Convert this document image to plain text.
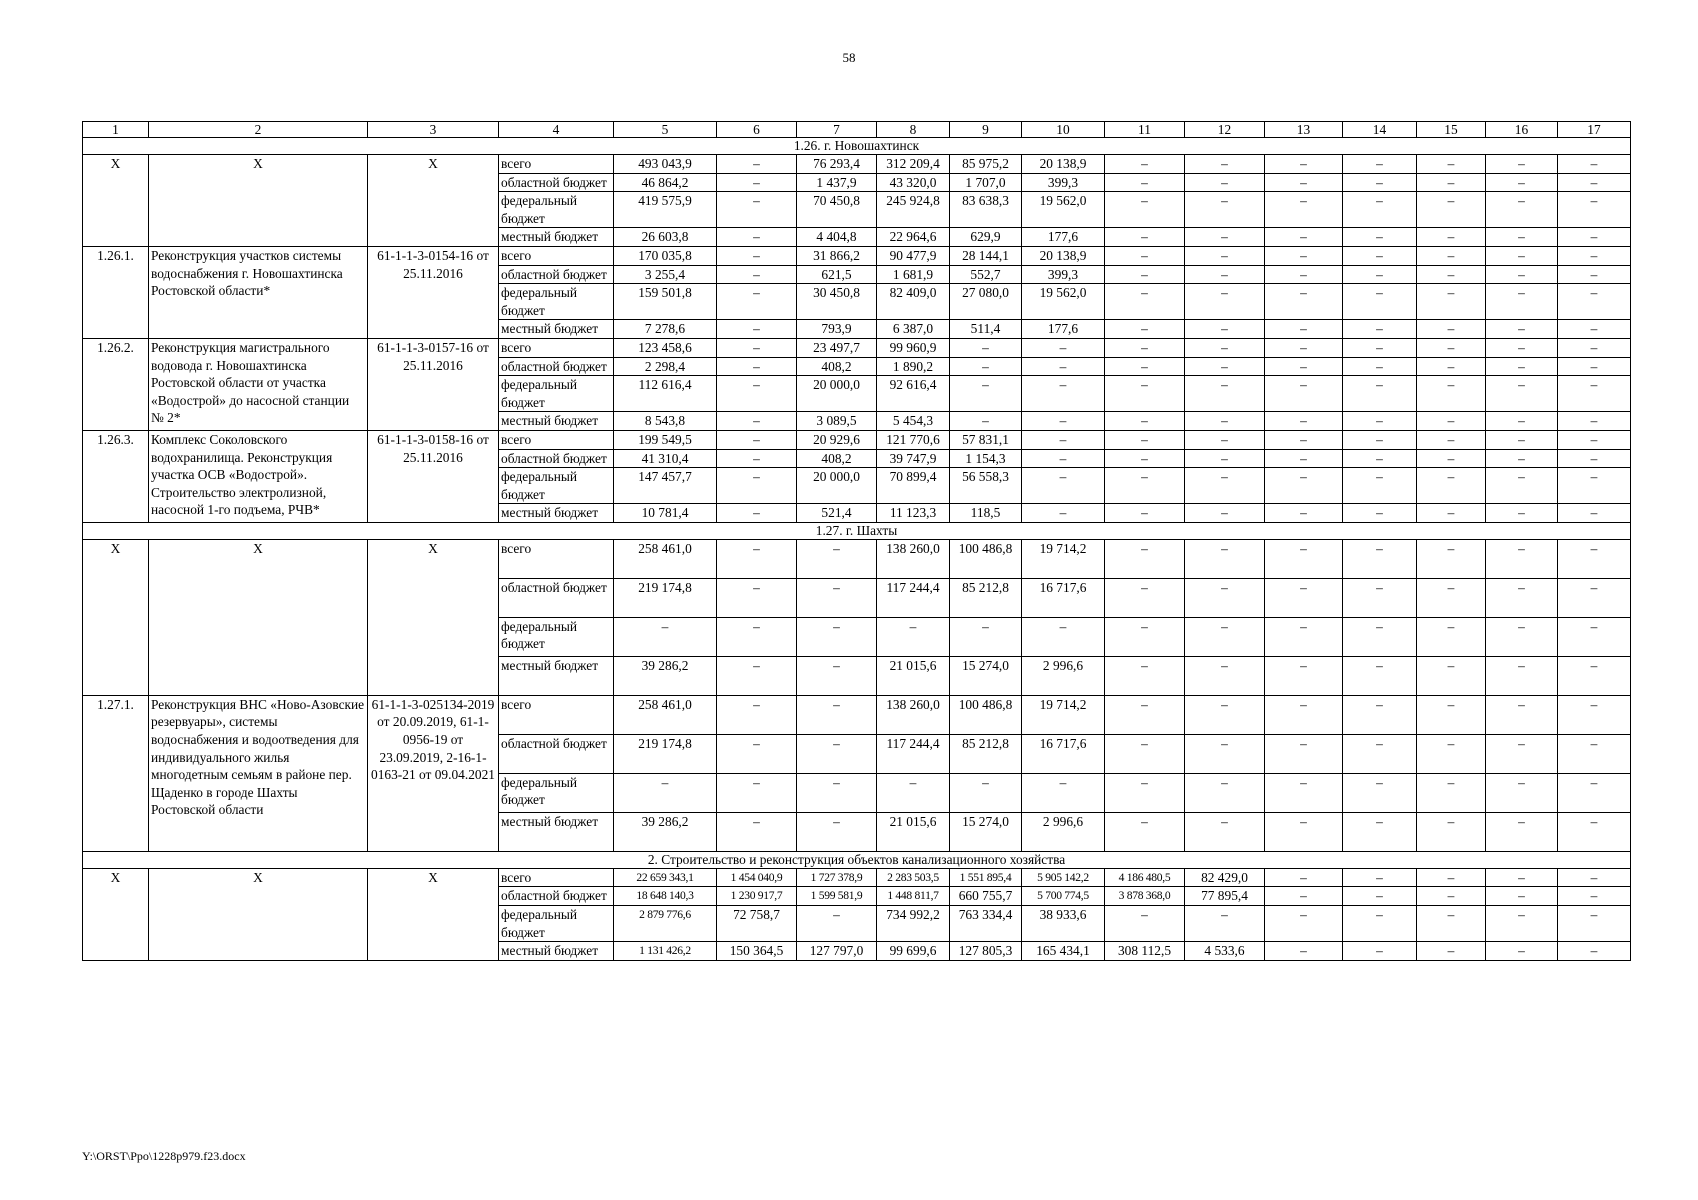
58
1	2	3	4	5	6	7	8	9	10	11	12	13	14	15	16	17
1.26. г. Новошахтинск																
Х	Х	Х	всего	493 043,9	–	76 293,4	312 209,4	85 975,2	20 138,9	–	–	–	–	–	–	–
			областной бюджет	46 864,2	–	1 437,9	43 320,0	1 707,0	399,3	–	–	–	–	–	–	–
			федеральный бюджет	419 575,9	–	70 450,8	245 924,8	83 638,3	19 562,0	–	–	–	–	–	–	–
			местный бюджет	26 603,8	–	4 404,8	22 964,6	629,9	177,6	–	–	–	–	–	–	–
1.26.1.	Реконструкция участков системы водоснабжения г. Новошахтинска Ростовской области*	61-1-1-3-0154-16 от 25.11.2016	всего	170 035,8	–	31 866,2	90 477,9	28 144,1	20 138,9	–	–	–	–	–	–	–
			областной бюджет	3 255,4	–	621,5	1 681,9	552,7	399,3	–	–	–	–	–	–	–
			федеральный бюджет	159 501,8	–	30 450,8	82 409,0	27 080,0	19 562,0	–	–	–	–	–	–	–
			местный бюджет	7 278,6	–	793,9	6 387,0	511,4	177,6	–	–	–	–	–	–	–
1.26.2.	Реконструкция магистрального водовода г. Новошахтинска Ростовской области от участка «Водострой» до насосной станции № 2*	61-1-1-3-0157-16 от 25.11.2016	всего	123 458,6	–	23 497,7	99 960,9	–	–	–	–	–	–	–	–	–
			областной бюджет	2 298,4	–	408,2	1 890,2	–	–	–	–	–	–	–	–	–
			федеральный бюджет	112 616,4	–	20 000,0	92 616,4	–	–	–	–	–	–	–	–	–
			местный бюджет	8 543,8	–	3 089,5	5 454,3	–	–	–	–	–	–	–	–	–
1.26.3.	Комплекс Соколовского водохранилища. Реконструкция участка ОСВ «Водострой». Строительство электролизной, насосной 1-го подъема, РЧВ*	61-1-1-3-0158-16 от 25.11.2016	всего	199 549,5	–	20 929,6	121 770,6	57 831,1	–	–	–	–	–	–	–	–
			областной бюджет	41 310,4	–	408,2	39 747,9	1 154,3	–	–	–	–	–	–	–	–
			федеральный бюджет	147 457,7	–	20 000,0	70 899,4	56 558,3	–	–	–	–	–	–	–	–
			местный бюджет	10 781,4	–	521,4	11 123,3	118,5	–	–	–	–	–	–	–	–
1.27. г. Шахты																
Х	Х	Х	всего	258 461,0	–	–	138 260,0	100 486,8	19 714,2	–	–	–	–	–	–	–
			областной бюджет	219 174,8	–	–	117 244,4	85 212,8	16 717,6	–	–	–	–	–	–	–
			федеральный бюджет	–	–	–	–	–	–	–	–	–	–	–	–	–
			местный бюджет	39 286,2	–	–	21 015,6	15 274,0	2 996,6	–	–	–	–	–	–	–
1.27.1.	Реконструкция ВНС «Ново-Азовские резервуары», системы водоснабжения и водоотведения для индивидуального жилья многодетным семьям в районе пер. Щаденко в городе Шахты Ростовской области	61-1-1-3-025134-2019 от 20.09.2019, 61-1-0956-19 от 23.09.2019, 2-16-1-0163-21 от 09.04.2021	всего	258 461,0	–	–	138 260,0	100 486,8	19 714,2	–	–	–	–	–	–	–
			областной бюджет	219 174,8	–	–	117 244,4	85 212,8	16 717,6	–	–	–	–	–	–	–
			федеральный бюджет	–	–	–	–	–	–	–	–	–	–	–	–	–
			местный бюджет	39 286,2	–	–	21 015,6	15 274,0	2 996,6	–	–	–	–	–	–	–
2. Строительство и реконструкция объектов канализационного хозяйства																
Х	Х	Х	всего	22 659 343,1	1 454 040,9	1 727 378,9	2 283 503,5	1 551 895,4	5 905 142,2	4 186 480,5	82 429,0	–	–	–	–	–
			областной бюджет	18 648 140,3	1 230 917,7	1 599 581,9	1 448 811,7	660 755,7	5 700 774,5	3 878 368,0	77 895,4	–	–	–	–	–
			федеральный бюджет	2 879 776,6	72 758,7	–	734 992,2	763 334,4	38 933,6	–	–	–	–	–	–	–
			местный бюджет	1 131 426,2	150 364,5	127 797,0	99 699,6	127 805,3	165 434,1	308 112,5	4 533,6	–	–	–	–	–
Y:\ORST\Ppo\1228p979.f23.docx
